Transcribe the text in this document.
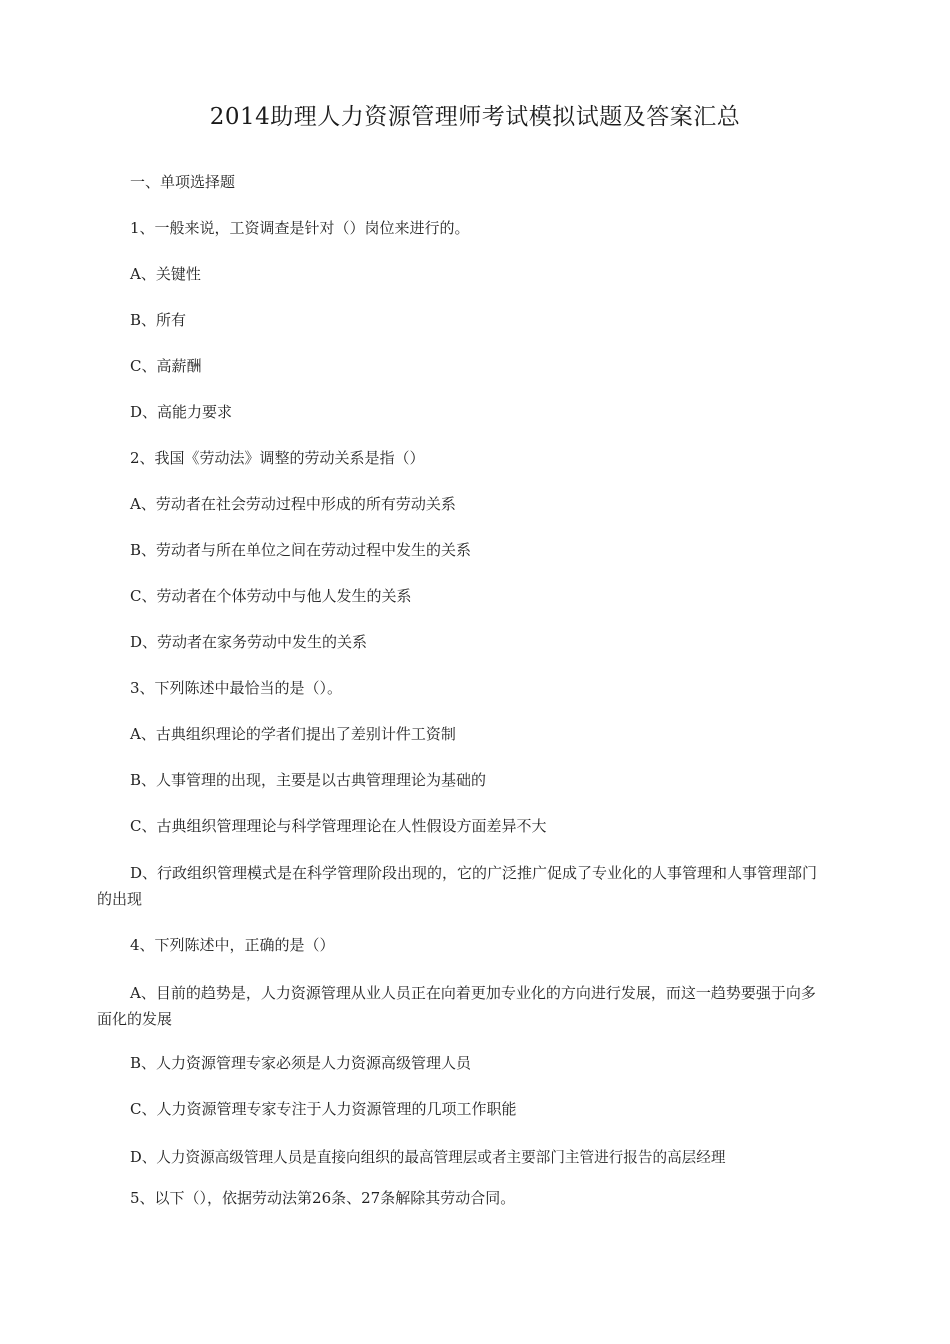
2014助理人力资源管理师考试模拟试题及答案汇总
一、单项选择题
1、一般来说，工资调查是针对（）岗位来进行的。
A、关键性
B、所有
C、高薪酬
D、高能力要求
2、我国《劳动法》调整的劳动关系是指（）
A、劳动者在社会劳动过程中形成的所有劳动关系
B、劳动者与所在单位之间在劳动过程中发生的关系
C、劳动者在个体劳动中与他人发生的关系
D、劳动者在家务劳动中发生的关系
3、下列陈述中最恰当的是（）。
A、古典组织理论的学者们提出了差别计件工资制
B、人事管理的出现，主要是以古典管理理论为基础的
C、古典组织管理理论与科学管理理论在人性假设方面差异不大
D、行政组织管理模式是在科学管理阶段出现的，它的广泛推广促成了专业化的人事管理和人事管理部门的出现
4、下列陈述中，正确的是（）
A、目前的趋势是，人力资源管理从业人员正在向着更加专业化的方向进行发展，而这一趋势要强于向多面化的发展
B、人力资源管理专家必须是人力资源高级管理人员
C、人力资源管理专家专注于人力资源管理的几项工作职能
D、人力资源高级管理人员是直接向组织的最高管理层或者主要部门主管进行报告的高层经理
5、以下（），依据劳动法第26条、27条解除其劳动合同。
